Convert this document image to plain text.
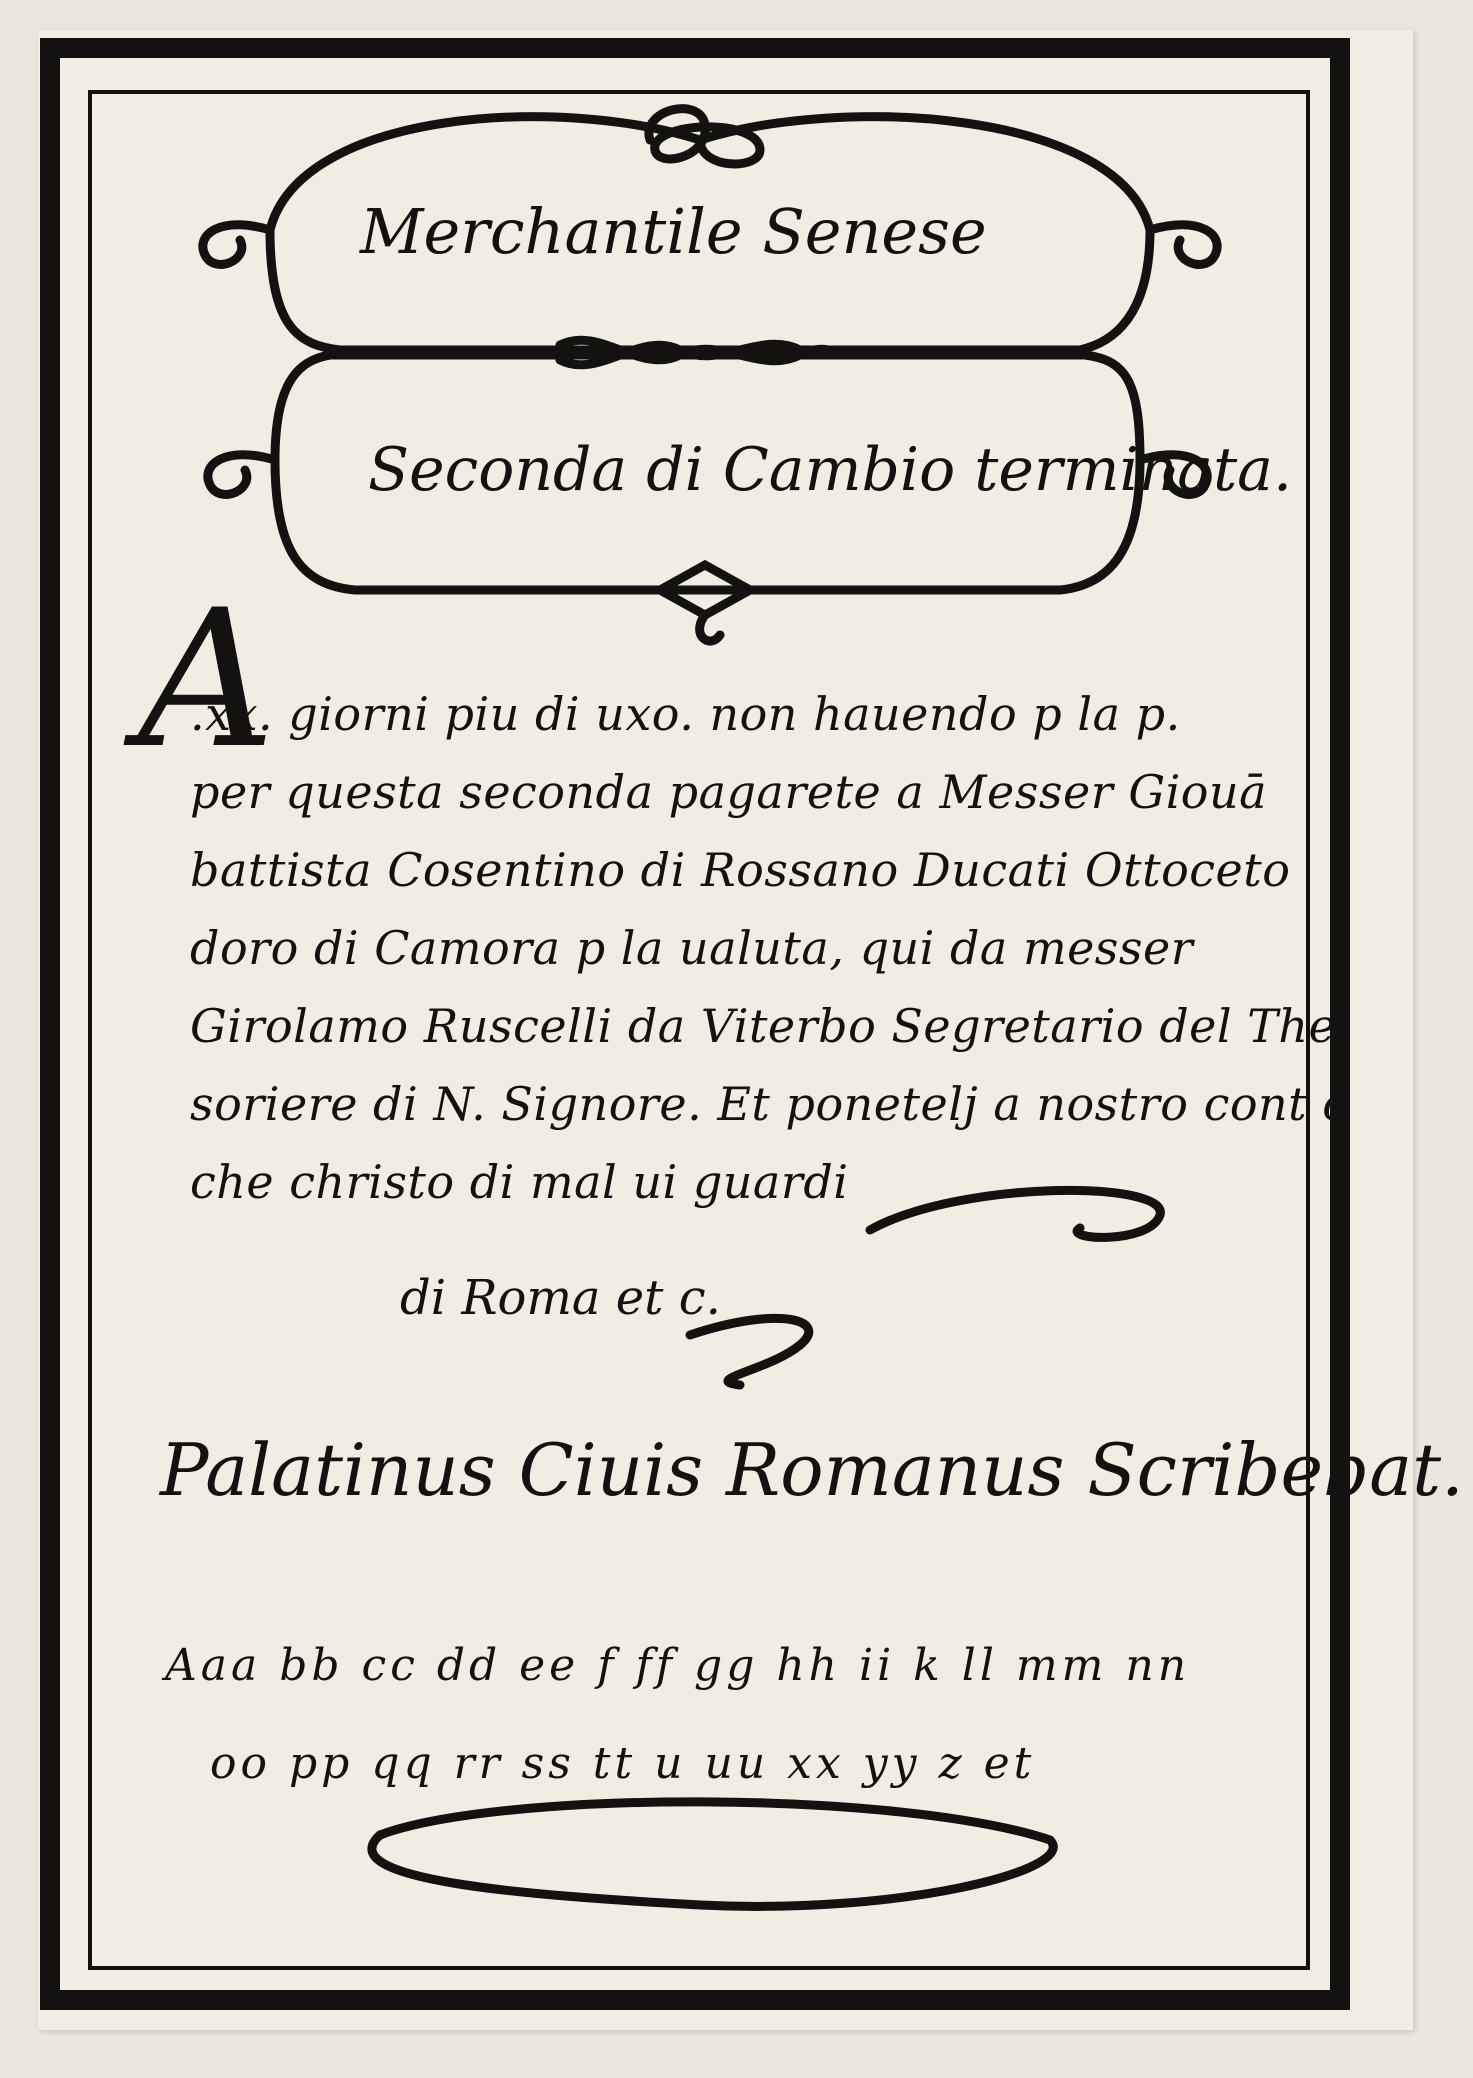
Merchantile Senese
Seconda di Cambio terminata.
A
.xx. giorni piu di uxo. non hauendo p la p.
per questa seconda pagarete a Messer Giouā
battista Cosentino di Rossano Ducati Ottoceto
doro di Camora p la ualuta, qui da messer
Girolamo Ruscelli da Viterbo Segretario del The
soriere di N. Signore. Et ponetelj a nostro cont o
che christo di mal ui guardi
di Roma et c.
Palatinus Ciuis Romanus Scribebat.
Aaa bb cc dd ee f ff gg hh ii k ll mm nn
oo pp qq rr ss tt u uu xx yy z et
